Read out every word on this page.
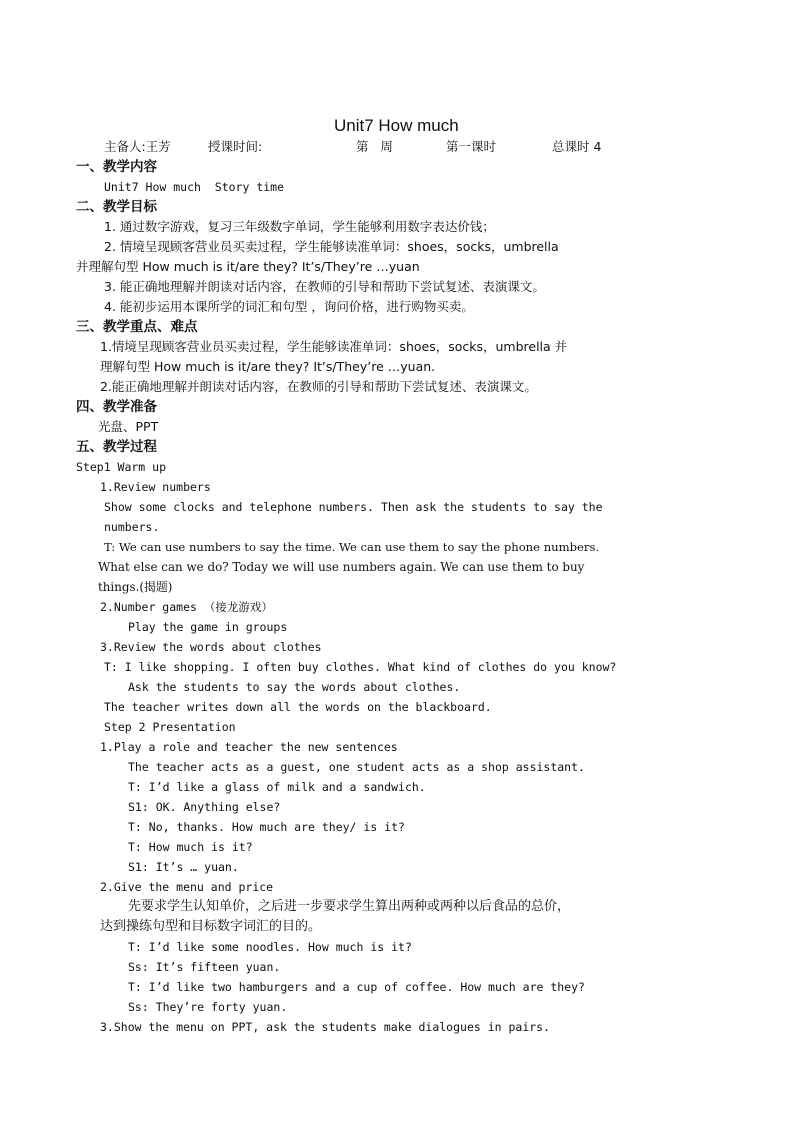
Unit7 How much
主备人:王芳	授课时间:	第   周	第一课时	总课时 4
一、教学内容
Unit7 How much  Story time
二、教学目标
1. 通过数字游戏，复习三年级数字单词，学生能够利用数字表达价钱；
2. 情境呈现顾客营业员买卖过程，学生能够读准单词：shoes，socks，umbrella
并理解句型 How much is it/are they? It’s/They’re …yuan
3. 能正确地理解并朗读对话内容，在教师的引导和帮助下尝试复述、表演课文。
4. 能初步运用本课所学的词汇和句型 ，询问价格，进行购物买卖。
三、教学重点、难点
1.情境呈现顾客营业员买卖过程，学生能够读准单词：shoes，socks，umbrella 并
理解句型 How much is it/are they? It’s/They’re …yuan.
2.能正确地理解并朗读对话内容，在教师的引导和帮助下尝试复述、表演课文。
四、教学准备
光盘、PPT
五、教学过程
Step1 Warm up
1.Review numbers
Show some clocks and telephone numbers. Then ask the students to say the
numbers.
T: We can use numbers to say the time. We can use them to say the phone numbers.
What else can we do? Today we will use numbers again. We can use them to buy
things.(揭题)
2.Number games （接龙游戏）
Play the game in groups
3.Review the words about clothes
T: I like shopping. I often buy clothes. What kind of clothes do you know?
Ask the students to say the words about clothes.
The teacher writes down all the words on the blackboard.
Step 2 Presentation
1.Play a role and teacher the new sentences
The teacher acts as a guest, one student acts as a shop assistant.
T: I’d like a glass of milk and a sandwich.
S1: OK. Anything else?
T: No, thanks. How much are they/ is it?
T: How much is it?
S1: It’s … yuan.
2.Give the menu and price
先要求学生认知单价，之后进一步要求学生算出两种或两种以后食品的总价，
达到操练句型和目标数字词汇的目的。
T: I’d like some noodles. How much is it?
Ss: It’s fifteen yuan.
T: I’d like two hamburgers and a cup of coffee. How much are they?
Ss: They’re forty yuan.
3.Show the menu on PPT, ask the students make dialogues in pairs.
